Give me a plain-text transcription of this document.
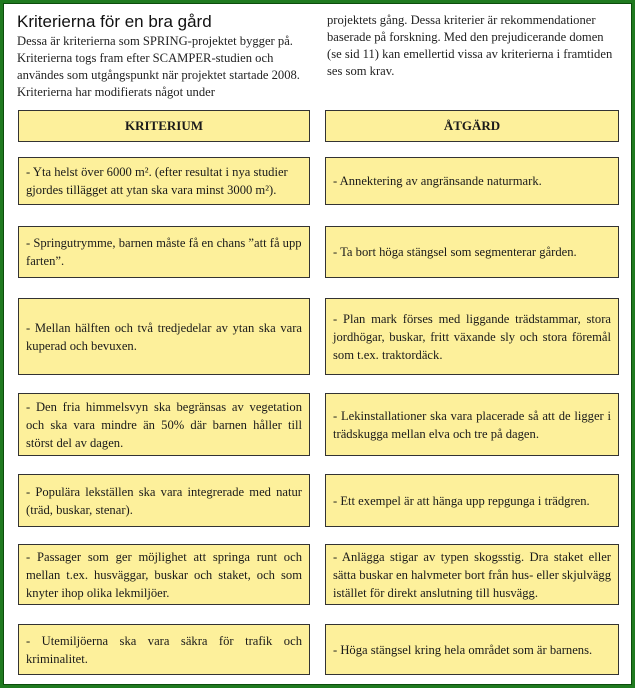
Kriterierna för en bra gård
Dessa är kriterierna som SPRING-projektet bygger på. Kriterierna togs fram efter SCAMPER-studien och användes som utgångspunkt när projektet startade 2008. Kriterierna har modifierats något under
projektets gång. Dessa kriterier är rekommendationer baserade på forskning. Med den prejudicerande domen (se sid 11) kan emellertid vissa av kriterierna i framtiden ses som krav.
KRITERIUM	ÅTGÄRD
- Yta helst över 6000 m². (efter resultat i nya studier gjordes tillägget att ytan ska vara minst 3000 m²).
- Annektering av angränsande naturmark.
- Springutrymme, barnen måste få en chans ”att få upp farten”.
- Ta bort höga stängsel som segmenterar gården.
- Mellan hälften och två tredjedelar av ytan ska vara kuperad och bevuxen.
- Plan mark förses med liggande trädstammar, stora jordhögar, buskar, fritt växande sly och stora föremål som t.ex. traktordäck.
- Den fria himmelsvyn ska begränsas av vegetation och ska vara mindre än 50% där barnen håller till störst del av dagen.
- Lekinstallationer ska vara placerade så att de ligger i trädskugga mellan elva och tre på dagen.
- Populära lekställen ska vara integrerade med natur (träd, buskar, stenar).
- Ett exempel är att hänga upp repgunga i trädgren.
- Passager som ger möjlighet att springa runt och mellan t.ex. husväggar, buskar och staket, och som knyter ihop olika lekmiljöer.
- Anlägga stigar av typen skogsstig. Dra staket eller sätta buskar en halvmeter bort från hus- eller skjulvägg istället för direkt anslutning till husvägg.
- Utemiljöerna ska vara säkra för trafik och kriminalitet.
- Höga stängsel kring hela området som är barnens.
